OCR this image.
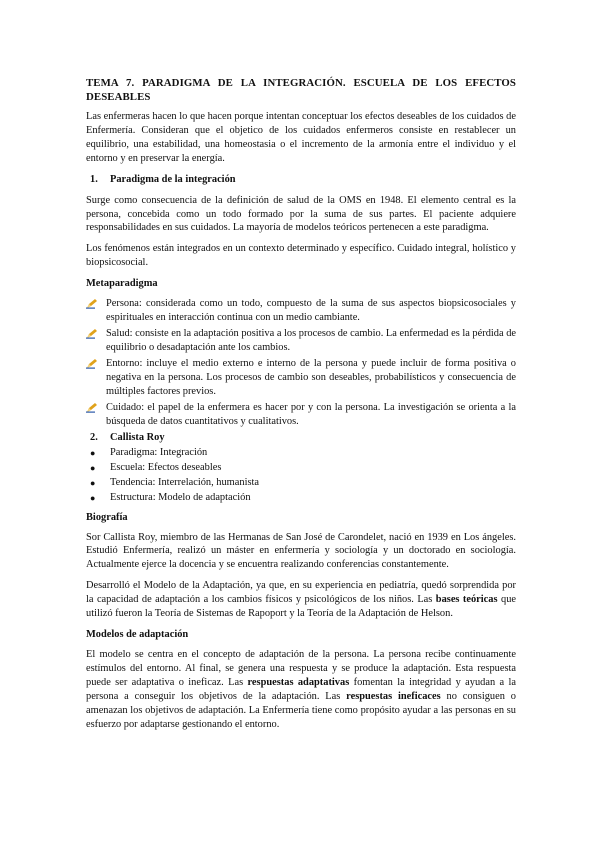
TEMA 7. PARADIGMA DE LA INTEGRACIÓN. ESCUELA DE LOS EFECTOS DESEABLES

Las enfermeras hacen lo que hacen porque intentan conceptuar los efectos deseables de los cuidados de Enfermería. Consideran que el objetico de los cuidados enfermeros consiste en restablecer un equilibrio, una estabilidad, una homeostasia o el incremento de la armonía entre el individuo y el entorno y en preservar la energía.

1.	Paradigma de la integración

Surge como consecuencia de la definición de salud de la OMS en 1948. El elemento central es la persona, concebida como un todo formado por la suma de sus partes. El paciente adquiere responsabilidades en sus cuidados. La mayoría de modelos teóricos pertenecen a este paradigma.

Los fenómenos están integrados en un contexto determinado y específico. Cuidado integral, holístico y biopsicosocial.

Metaparadigma
Persona: considerada como un todo, compuesto de la suma de sus aspectos biopsicosociales y espirituales en interacción continua con un medio cambiante.
Salud: consiste en la adaptación positiva a los procesos de cambio. La enfermedad es la pérdida de equilibrio o desadaptación ante los cambios.
Entorno: incluye el medio externo e interno de la persona y puede incluir de forma positiva o negativa en la persona. Los procesos de cambio son deseables, probabilísticos y consecuencia de múltiples factores previos.
Cuidado: el papel de la enfermera es hacer por y con la persona. La investigación se orienta a la búsqueda de datos cuantitativos y cualitativos.
2.	Callista Roy
●	Paradigma: Integración
●	Escuela: Efectos deseables
●	Tendencia: Interrelación, humanista
●	Estructura: Modelo de adaptación
Biografía

Sor Callista Roy, miembro de las Hermanas de San José de Carondelet, nació en 1939 en Los ángeles. Estudió Enfermería, realizó un máster en enfermería y sociología y un doctorado en sociología. Actualmente ejerce la docencia y se encuentra realizando conferencias constantemente.

Desarrolló el Modelo de la Adaptación, ya que, en su experiencia en pediatría, quedó sorprendida por la capacidad de adaptación a los cambios físicos y psicológicos de los niños. Las bases teóricas que utilizó fueron la Teoría de Sistemas de Rapoport y la Teoría de la Adaptación de Helson.

Modelos de adaptación

El modelo se centra en el concepto de adaptación de la persona. La persona recibe continuamente estímulos del entorno. Al final, se genera una respuesta y se produce la adaptación. Esta respuesta puede ser adaptativa o ineficaz. Las respuestas adaptativas fomentan la integridad y ayudan a la persona a conseguir los objetivos de la adaptación. Las respuestas ineficaces no consiguen o amenazan los objetivos de adaptación. La Enfermería tiene como propósito ayudar a las personas en su esfuerzo por adaptarse gestionando el entorno.
